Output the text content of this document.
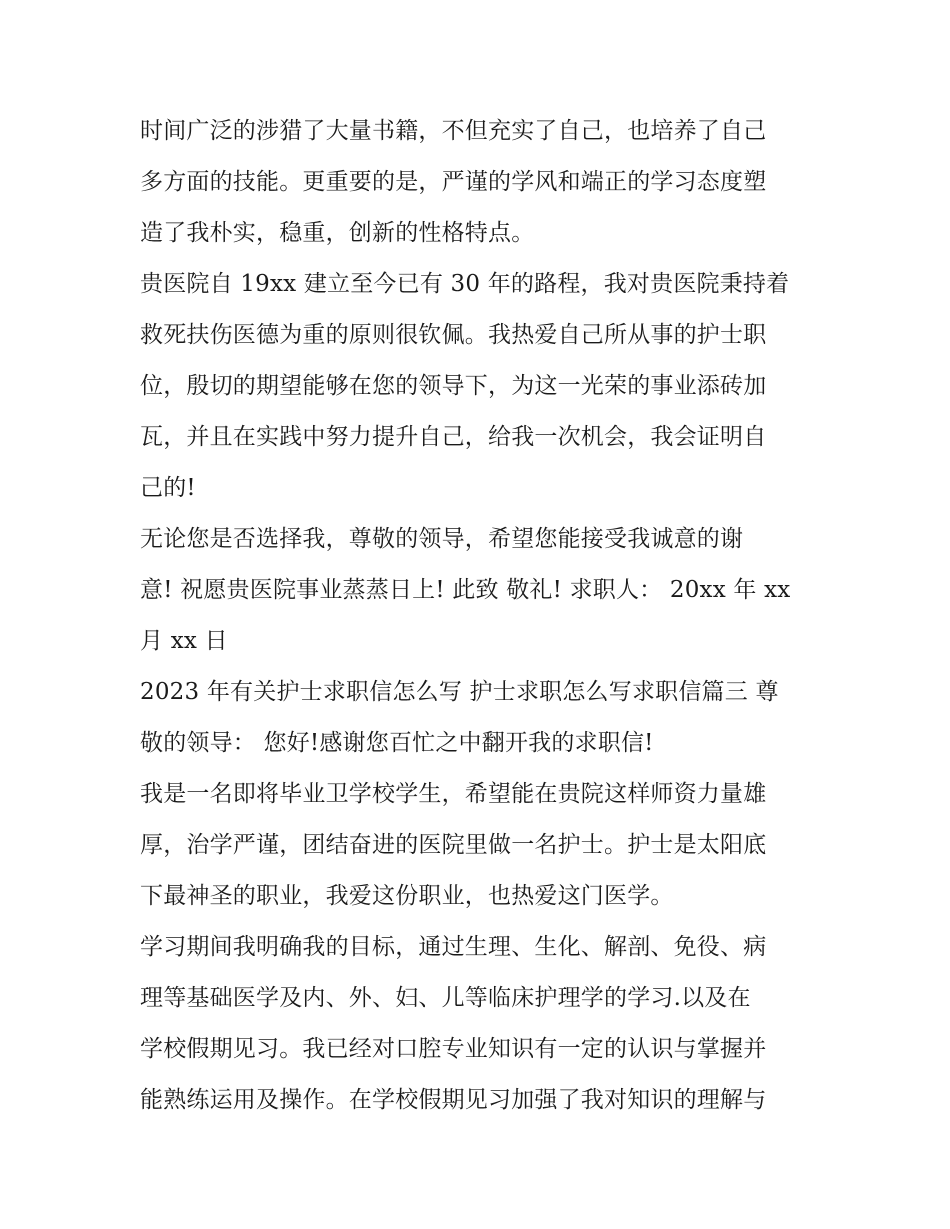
时间广泛的涉猎了大量书籍，不但充实了自己，也培养了自己
多方面的技能。更重要的是，严谨的学风和端正的学习态度塑
造了我朴实，稳重，创新的性格特点。
贵医院自 19xx 建立至今已有 30 年的路程，我对贵医院秉持着
救死扶伤医德为重的原则很钦佩。我热爱自己所从事的护士职
位，殷切的期望能够在您的领导下，为这一光荣的事业添砖加
瓦，并且在实践中努力提升自己，给我一次机会，我会证明自
己的!
无论您是否选择我，尊敬的领导，希望您能接受我诚意的谢
意! 祝愿贵医院事业蒸蒸日上! 此致 敬礼! 求职人： 20xx 年 xx
月 xx 日
2023 年有关护士求职信怎么写 护士求职怎么写求职信篇三 尊
敬的领导： 您好!感谢您百忙之中翻开我的求职信!
我是一名即将毕业卫学校学生，希望能在贵院这样师资力量雄
厚，治学严谨，团结奋进的医院里做一名护士。护士是太阳底
下最神圣的职业，我爱这份职业，也热爱这门医学。
学习期间我明确我的目标，通过生理、生化、解剖、免役、病
理等基础医学及内、外、妇、儿等临床护理学的学习.以及在
学校假期见习。我已经对口腔专业知识有一定的认识与掌握并
能熟练运用及操作。在学校假期见习加强了我对知识的理解与
